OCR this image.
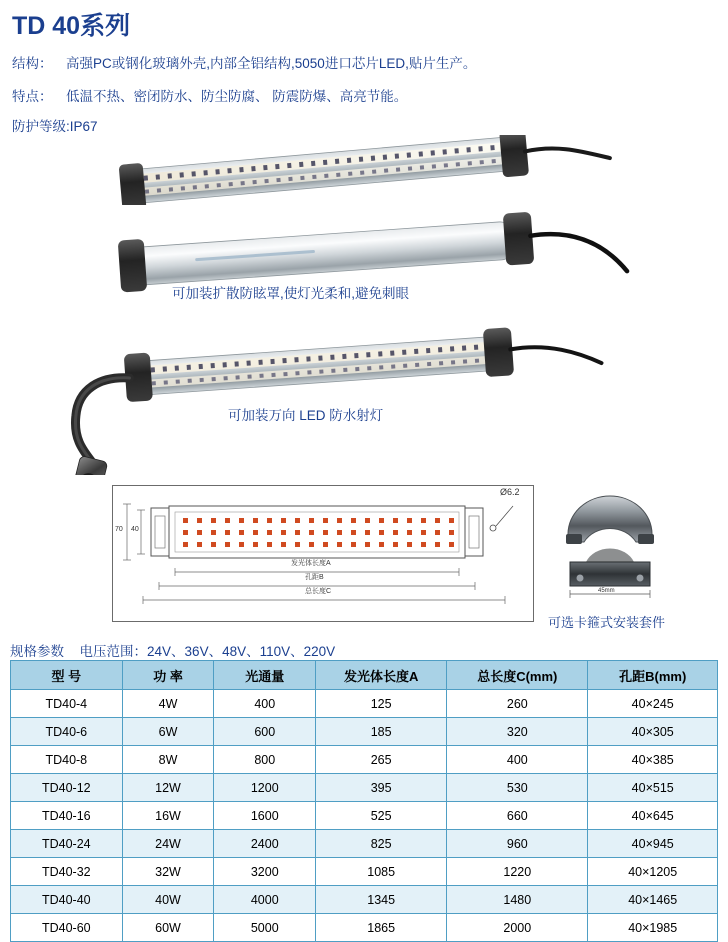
TD 40系列
结构： 高强PC或钢化玻璃外壳,内部全铝结构,5050进口芯片LED,贴片生产。
特点： 低温不热、密闭防水、防尘防腐、 防震防爆、高亮节能。
防护等级:IP67
可加装扩散防眩罩,使灯光柔和,避免刺眼
可加装万向 LED 防水射灯
70 40
发光体长度A
孔距B
总长度C
Ø6.2
45mm
可选卡箍式安装套件
规格参数 电压范围：24V、36V、48V、110V、220V
型 号	功 率	光通量	发光体长度A	总长度C(mm)	孔距B(mm)
TD40-4	4W	400	125	260	40×245
TD40-6	6W	600	185	320	40×305
TD40-8	8W	800	265	400	40×385
TD40-12	12W	1200	395	530	40×515
TD40-16	16W	1600	525	660	40×645
TD40-24	24W	2400	825	960	40×945
TD40-32	32W	3200	1085	1220	40×1205
TD40-40	40W	4000	1345	1480	40×1465
TD40-60	60W	5000	1865	2000	40×1985
